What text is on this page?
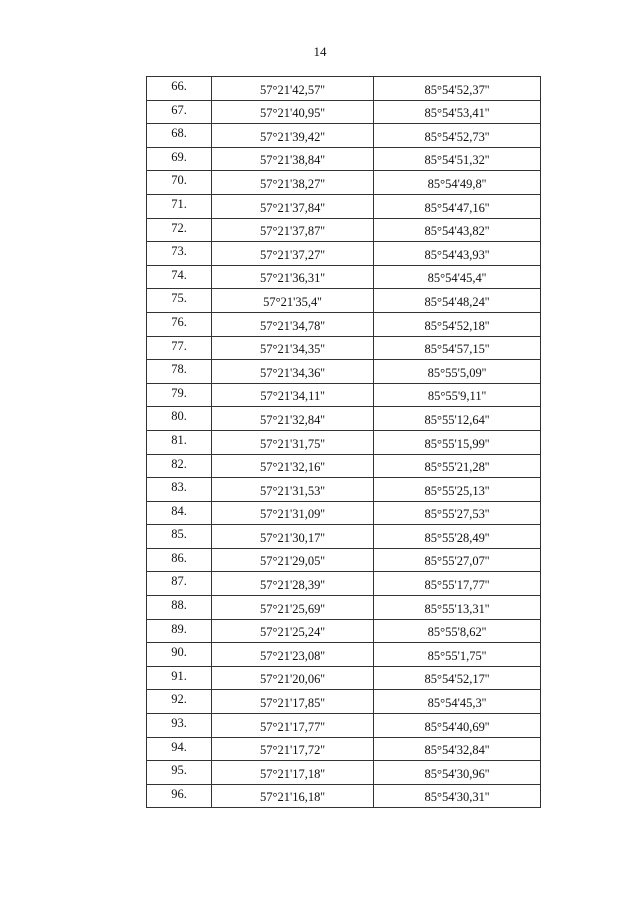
14
66.	57°21'42,57''	85°54'52,37''
67.	57°21'40,95''	85°54'53,41''
68.	57°21'39,42''	85°54'52,73''
69.	57°21'38,84''	85°54'51,32''
70.	57°21'38,27''	85°54'49,8''
71.	57°21'37,84''	85°54'47,16''
72.	57°21'37,87''	85°54'43,82''
73.	57°21'37,27''	85°54'43,93''
74.	57°21'36,31''	85°54'45,4''
75.	57°21'35,4''	85°54'48,24''
76.	57°21'34,78''	85°54'52,18''
77.	57°21'34,35''	85°54'57,15''
78.	57°21'34,36''	85°55'5,09''
79.	57°21'34,11''	85°55'9,11''
80.	57°21'32,84''	85°55'12,64''
81.	57°21'31,75''	85°55'15,99''
82.	57°21'32,16''	85°55'21,28''
83.	57°21'31,53''	85°55'25,13''
84.	57°21'31,09''	85°55'27,53''
85.	57°21'30,17''	85°55'28,49''
86.	57°21'29,05''	85°55'27,07''
87.	57°21'28,39''	85°55'17,77''
88.	57°21'25,69''	85°55'13,31''
89.	57°21'25,24''	85°55'8,62''
90.	57°21'23,08''	85°55'1,75''
91.	57°21'20,06''	85°54'52,17''
92.	57°21'17,85''	85°54'45,3''
93.	57°21'17,77''	85°54'40,69''
94.	57°21'17,72''	85°54'32,84''
95.	57°21'17,18''	85°54'30,96''
96.	57°21'16,18''	85°54'30,31''
